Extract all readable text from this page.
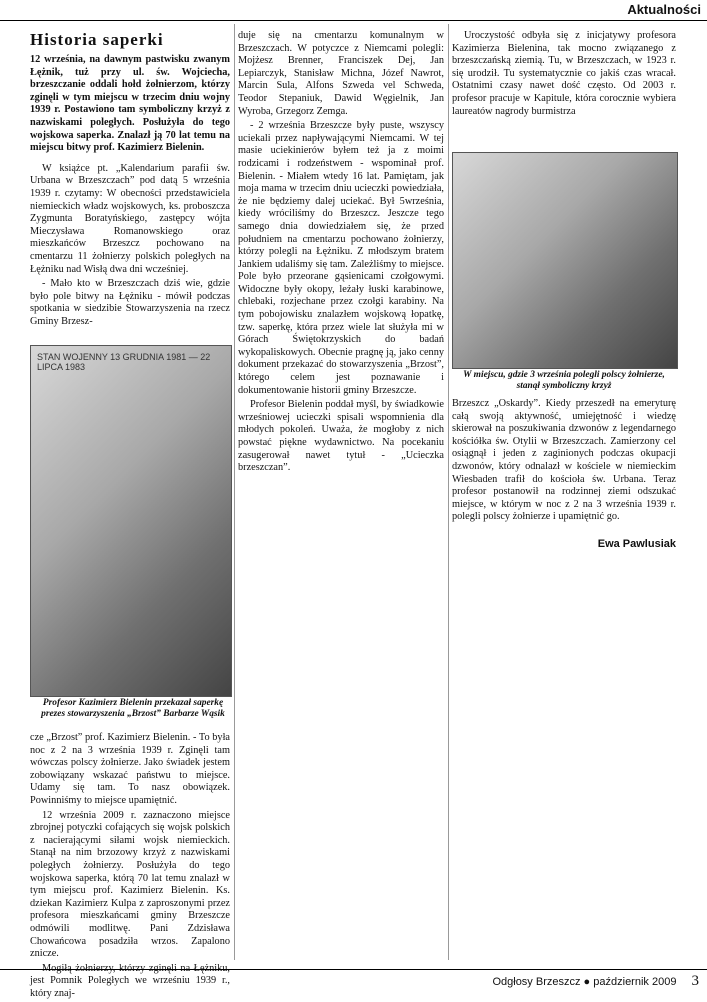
Aktualności
Historia saperki
12 września, na dawnym pastwisku zwanym Łężnik, tuż przy ul. św. Wojciecha, brzeszczanie oddali hołd żołnierzom, którzy zginęli w tym miejscu w trzecim dniu wojny 1939 r. Postawiono tam symboliczny krzyż z nazwiskami poległych. Posłużyła do tego wojskowa saperka. Znalazł ją 70 lat temu na miejscu bitwy prof. Kazimierz Bielenin.

W książce pt. „Kalendarium parafii św. Urbana w Brzeszczach” pod datą 5 września 1939 r. czytamy: W obecności przedstawiciela niemieckich władz wojskowych, ks. proboszcza Zygmunta Boratyńskiego, zastępcy wójta Mieczysława Romanowskiego oraz mieszkańców Brzeszcz pochowano na cmentarzu 11 żołnierzy polskich poległych na Łężniku nad Wisłą dwa dni wcześniej.

- Mało kto w Brzeszczach dziś wie, gdzie było pole bitwy na Łężniku - mówił podczas spotkania w siedzibie Stowarzyszenia na rzecz Gminy Brzesz-

STAN WOJENNY 13 GRUDNIA 1981 — 22 LIPCA 1983
Profesor Kazimierz Bielenin przekazał saperkę prezes stowarzyszenia „Brzost” Barbarze Wąsik

cze „Brzost” prof. Kazimierz Bielenin. - To była noc z 2 na 3 września 1939 r. Zginęli tam wówczas polscy żołnierze. Jako świadek jestem zobowiązany wskazać państwu to miejsce. Udamy się tam. To nasz obowiązek. Powinniśmy to miejsce upamiętnić.

12 września 2009 r. zaznaczono miejsce zbrojnej potyczki cofających się wojsk polskich z nacierającymi siłami wojsk niemieckich. Stanął na nim brzozowy krzyż z nazwiskami poległych żołnierzy. Posłużyła do tego wojskowa saperka, którą 70 lat temu znalazł w tym miejscu prof. Kazimierz Bielenin. Ks. dziekan Kazimierz Kulpa z zaproszonymi przez profesora mieszkańcami gminy Brzeszcze odmówili modlitwę. Pani Zdzisława Chowańcowa posadziła wrzos. Zapalono znicze.

Mogiłą żołnierzy, którzy zginęli na Łężniku, jest Pomnik Poległych we wrześniu 1939 r., który znaj-

duje się na cmentarzu komunalnym w Brzeszczach. W potyczce z Niemcami polegli: Mojżesz Brenner, Franciszek Dej, Jan Lepiarczyk, Stanisław Michna, Józef Nawrot, Marcin Sula, Alfons Szweda vel Schweda, Teodor Stepaniuk, Dawid Węgielnik, Jan Wyroba, Grzegorz Zemga.

- 2 września Brzeszcze były puste, wszyscy uciekali przez napływającymi Niemcami. W tej masie uciekinierów byłem też ja z moimi rodzicami i rodzeństwem - wspominał prof. Bielenin. - Miałem wtedy 16 lat. Pamiętam, jak moja mama w trzecim dniu ucieczki powiedziała, że nie będziemy dalej uciekać. Był 5września, kiedy wróciliśmy do Brzeszcz. Jeszcze tego samego dnia dowiedziałem się, że przed południem na cmentarzu pochowano żołnierzy, którzy polegli na Łężniku. Z młodszym bratem Jankiem udaliśmy się tam. Zależliśmy to miejsce. Pole było przeorane gąsienicami czołgowymi. Widoczne były okopy, leżały łuski karabinowe, chlebaki, rozjechane przez czołgi karabiny. Na tym pobojowisku znalazłem wojskową łopatkę, tzw. saperkę, która przez wiele lat służyła mi w Górach Świętokrzyskich do badań wykopaliskowych. Obecnie pragnę ją, jako cenny dokument przekazać do stowarzyszenia „Brzost”, którego celem jest poznawanie i dokumentowanie historii gminy Brzeszcze.

Profesor Bielenin poddał myśl, by świadkowie wrześniowej ucieczki spisali wspomnienia dla młodych pokoleń. Uważa, że mogłoby z nich powstać piękne wydawnictwo. Na pocekaniu zasugerował nawet tytuł - „Ucieczka brzeszczan”.

Uroczystość odbyła się z inicjatywy profesora Kazimierza Bielenina, tak mocno związanego z brzeszczańską ziemią. Tu, w Brzeszczach, w 1923 r. się urodził. Tu systematycznie co jakiś czas wracał. Ostatnimi czasy nawet dość często. Od 2003 r. profesor pracuje w Kapitule, która corocznie wybiera laureatów nagrody burmistrza

W miejscu, gdzie 3 września polegli polscy żołnierze, stanął symboliczny krzyż

Brzeszcz „Oskardy”. Kiedy przeszedł na emeryturę całą swoją aktywność, umiejętność i wiedzę skierował na poszukiwania dzwonów z legendarnego kościółka św. Otylii w Brzeszczach. Zamierzony cel osiągnął i jeden z zaginionych podczas okupacji dzwonów, który odnalazł w kościele w niemieckim Wiesbaden trafił do kościoła św. Urbana. Teraz profesor postanowił na rodzinnej ziemi odszukać miejsce, w którym w noc z 2 na 3 września 1939 r. polegli polscy żołnierze i upamiętnić go.

Ewa Pawlusiak
Odgłosy Brzeszcz ● październik 2009 3
